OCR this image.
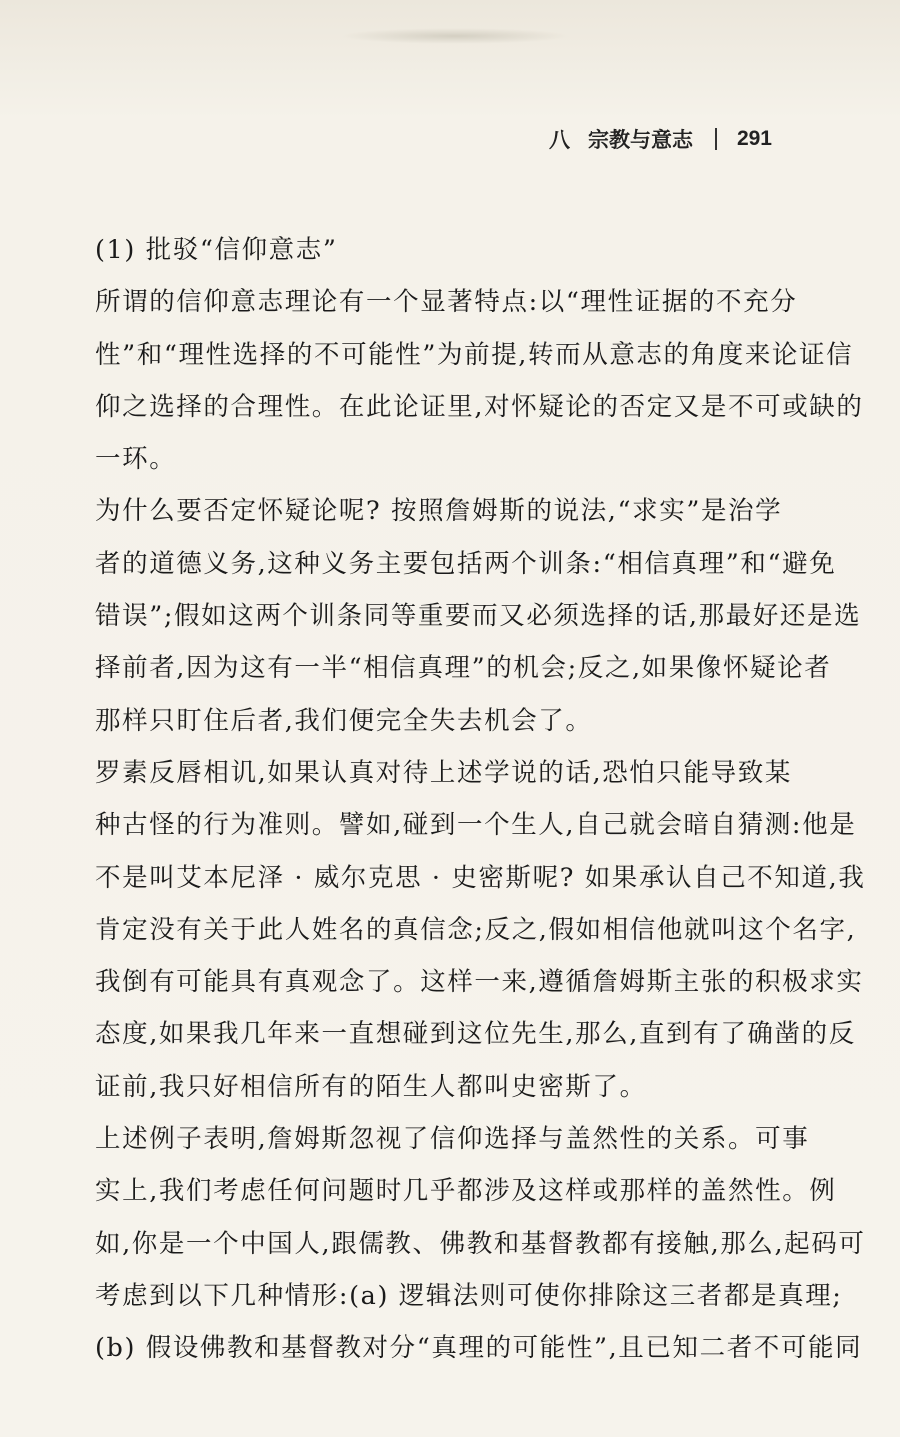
八 宗教与意志 291
(1) 批驳“信仰意志”
所谓的信仰意志理论有一个显著特点:以“理性证据的不充分
性”和“理性选择的不可能性”为前提,转而从意志的角度来论证信
仰之选择的合理性。在此论证里,对怀疑论的否定又是不可或缺的
一环。
为什么要否定怀疑论呢? 按照詹姆斯的说法,“求实”是治学
者的道德义务,这种义务主要包括两个训条:“相信真理”和“避免
错误”;假如这两个训条同等重要而又必须选择的话,那最好还是选
择前者,因为这有一半“相信真理”的机会;反之,如果像怀疑论者
那样只盯住后者,我们便完全失去机会了。
罗素反唇相讥,如果认真对待上述学说的话,恐怕只能导致某
种古怪的行为准则。譬如,碰到一个生人,自己就会暗自猜测:他是
不是叫艾本尼泽 · 威尔克思 · 史密斯呢? 如果承认自己不知道,我
肯定没有关于此人姓名的真信念;反之,假如相信他就叫这个名字,
我倒有可能具有真观念了。这样一来,遵循詹姆斯主张的积极求实
态度,如果我几年来一直想碰到这位先生,那么,直到有了确凿的反
证前,我只好相信所有的陌生人都叫史密斯了。
上述例子表明,詹姆斯忽视了信仰选择与盖然性的关系。可事
实上,我们考虑任何问题时几乎都涉及这样或那样的盖然性。例
如,你是一个中国人,跟儒教、佛教和基督教都有接触,那么,起码可
考虑到以下几种情形:(a) 逻辑法则可使你排除这三者都是真理;
(b) 假设佛教和基督教对分“真理的可能性”,且已知二者不可能同
